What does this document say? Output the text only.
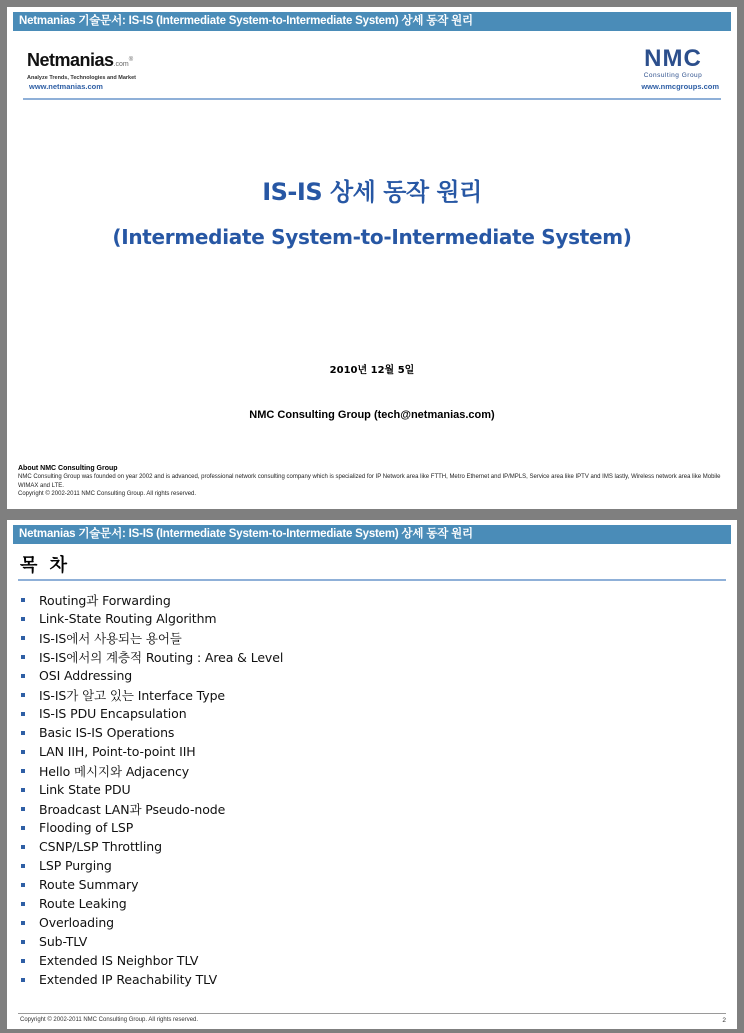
Netmanias 기술문서: IS-IS (Intermediate System-to-Intermediate System) 상세 동작 원리
Netmanias.com®
Analyze Trends, Technologies and Market
www.netmanias.com
NMC
Consulting Group
www.nmcgroups.com
IS-IS 상세 동작 원리
(Intermediate System-to-Intermediate System)
2010년 12월 5일
NMC Consulting Group (tech@netmanias.com)
About NMC Consulting Group
NMC Consulting Group was founded on year 2002 and is advanced, professional network consulting company which is specialized for IP Network area like FTTH, Metro Ethernet and IP/MPLS, Service area like IPTV and IMS lastly, Wireless network area like Mobile WIMAX and LTE.
Copyright © 2002-2011 NMC Consulting Group. All rights reserved.
Netmanias 기술문서: IS-IS (Intermediate System-to-Intermediate System) 상세 동작 원리
목 차
Routing과 Forwarding
Link-State Routing Algorithm
IS-IS에서 사용되는 용어들
IS-IS에서의 계층적 Routing : Area & Level
OSI Addressing
IS-IS가 알고 있는 Interface Type
IS-IS PDU Encapsulation
Basic IS-IS Operations
LAN IIH, Point-to-point IIH
Hello 메시지와 Adjacency
Link State PDU
Broadcast LAN과 Pseudo-node
Flooding of LSP
CSNP/LSP Throttling
LSP Purging
Route Summary
Route Leaking
Overloading
Sub-TLV
Extended IS Neighbor TLV
Extended IP Reachability TLV
Copyright © 2002-2011 NMC Consulting Group. All rights reserved.	2
